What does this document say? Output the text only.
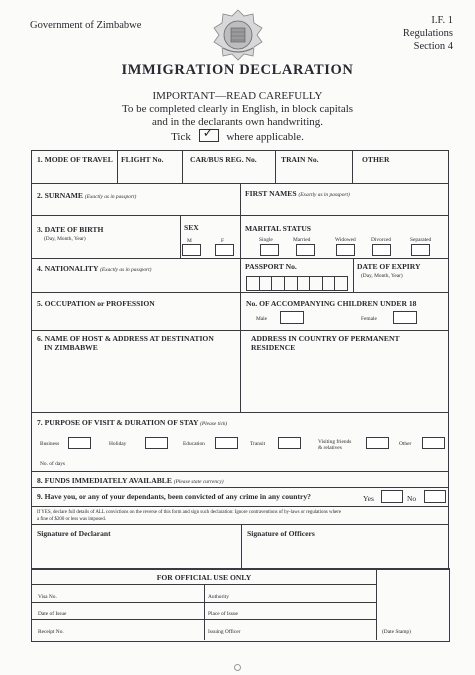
Government of Zimbabwe	I.F. 1
Regulations
Section 4
IMMIGRATION DECLARATION
IMPORTANT—READ CAREFULLY
To be completed clearly in English, in block capitals
and in the declarants own handwriting.
Tick ✓ where applicable.
1. MODE OF TRAVEL FLIGHT No.	CAR/BUS REG. No.	TRAIN No.	OTHER
2. SURNAME (Exactly as in passport)	FIRST NAMES (Exactly as in passport)
3. DATE OF BIRTH
(Day, Month, Year)
SEX
M	F
MARITAL STATUS
Single	Married	Widowed	Divorced	Separated
4. NATIONALITY (Exactly as in passport)	PASSPORT No.	DATE OF EXPIRY
(Day, Month, Year)
5. OCCUPATION or PROFESSION	No. OF ACCOMPANYING CHILDREN UNDER 18
Male	Female
6. NAME OF HOST & ADDRESS AT DESTINATION
IN ZIMBABWE
ADDRESS IN COUNTRY OF PERMANENT
RESIDENCE
7. PURPOSE OF VISIT & DURATION OF STAY (Please tick)
Business	Holiday	Education	Transit	Visiting friends
& relatives
Other
No. of days
8. FUNDS IMMEDIATELY AVAILABLE (Please state currency)
9. Have you, or any of your dependants, been convicted of any crime in any country?	Yes	No
If YES, declare full details of ALL convictions on the reverse of this form and sign such declaration: Ignore contraventions of by-laws or regulations where
a fine of $200 or less was imposed.
Signature of Declarant	Signature of Officers
FOR OFFICIAL USE ONLY
Visa No.	Authority
Date of Issue	Place of Issue
Receipt No.	Issuing Officer	(Date Stamp)
